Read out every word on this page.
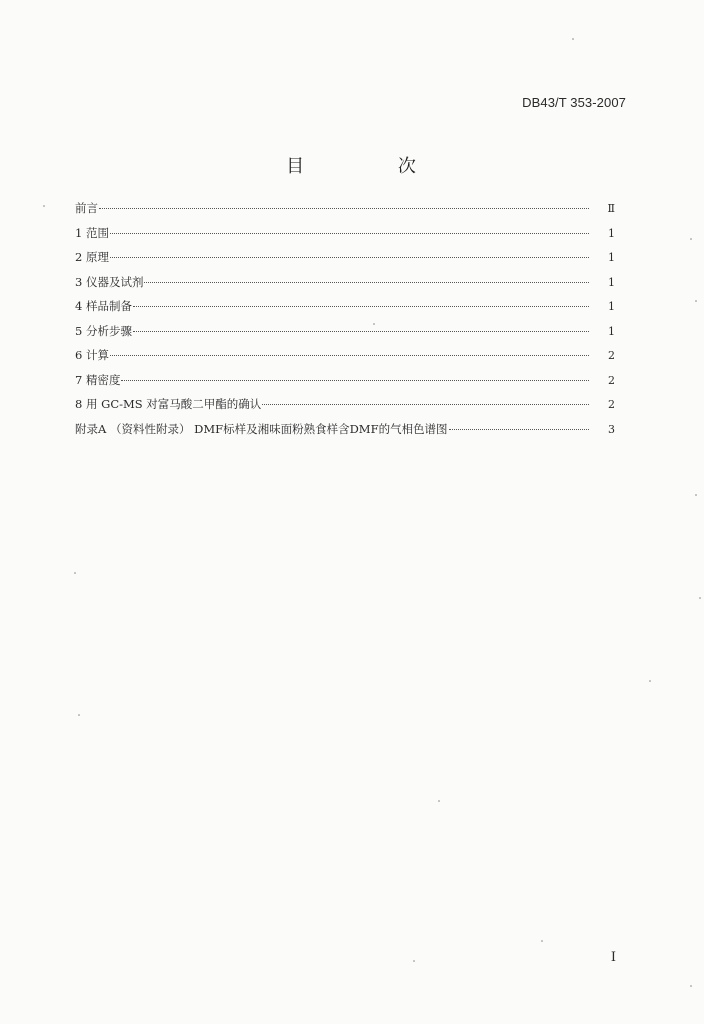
DB43/T 353-2007
目 次
前言	Ⅱ
1 范围	1
2 原理	1
3 仪器及试剂	1
4 样品制备	1
5 分析步骤	1
6 计算	2
7 精密度	2
8 用 GC-MS 对富马酸二甲酯的确认	2
附录A （资料性附录） DMF标样及湘味面粉熟食样含DMF的气相色谱图	3
I
